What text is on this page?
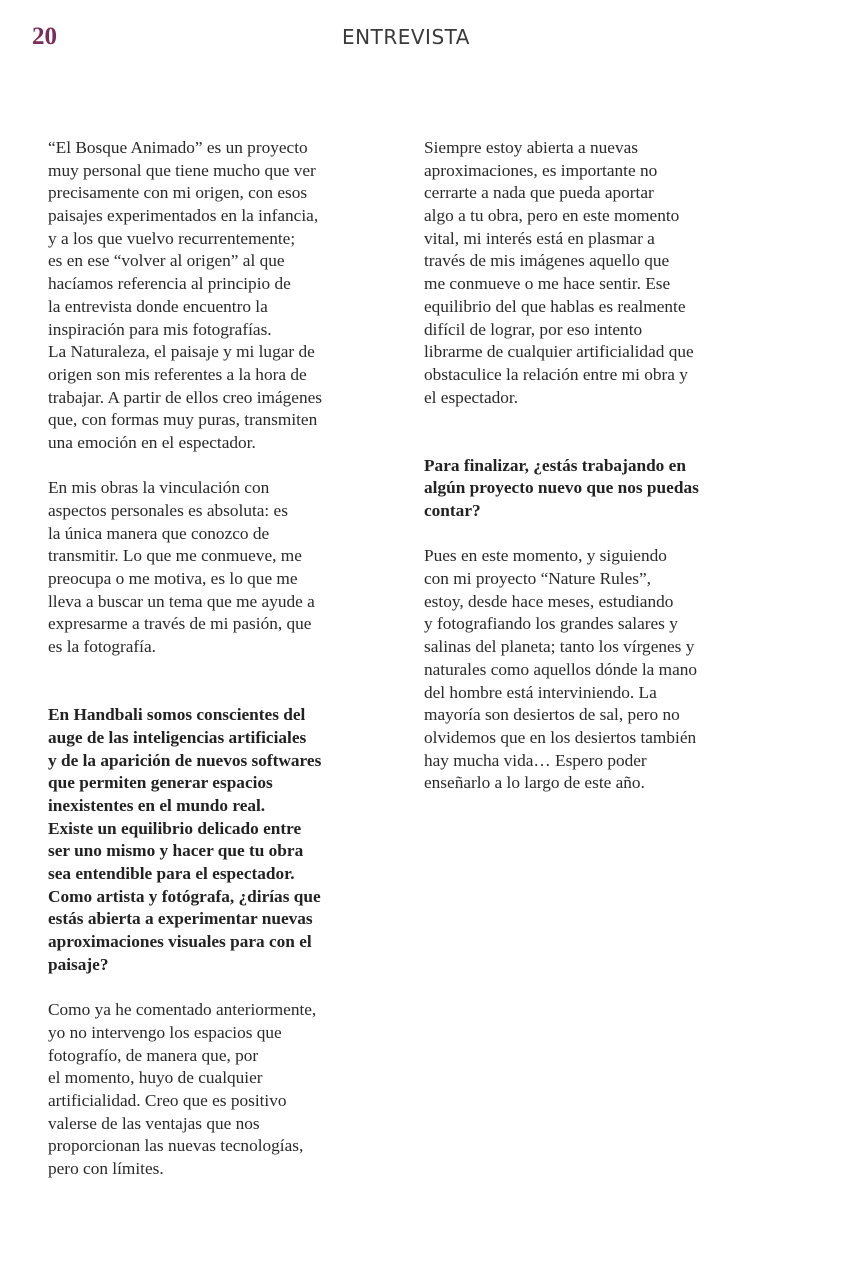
20	ENTREVISTA
“El Bosque Animado” es un proyecto
muy personal que tiene mucho que ver
precisamente con mi origen, con esos
paisajes experimentados en la infancia,
y a los que vuelvo recurrentemente;
es en ese “volver al origen” al que
hacíamos referencia al principio de
la entrevista donde encuentro la
inspiración para mis fotografías.
La Naturaleza, el paisaje y mi lugar de
origen son mis referentes a la hora de
trabajar. A partir de ellos creo imágenes
que, con formas muy puras, transmiten
una emoción en el espectador.
En mis obras la vinculación con
aspectos personales es absoluta: es
la única manera que conozco de
transmitir. Lo que me conmueve, me
preocupa o me motiva, es lo que me
lleva a buscar un tema que me ayude a
expresarme a través de mi pasión, que
es la fotografía.
En Handbali somos conscientes del
auge de las inteligencias artificiales
y de la aparición de nuevos softwares
que permiten generar espacios
inexistentes en el mundo real.
Existe un equilibrio delicado entre
ser uno mismo y hacer que tu obra
sea entendible para el espectador.
Como artista y fotógrafa, ¿dirías que
estás abierta a experimentar nuevas
aproximaciones visuales para con el
paisaje?
Como ya he comentado anteriormente,
yo no intervengo los espacios que
fotografío, de manera que, por
el momento, huyo de cualquier
artificialidad. Creo que es positivo
valerse de las ventajas que nos
proporcionan las nuevas tecnologías,
pero con límites.
Siempre estoy abierta a nuevas
aproximaciones, es importante no
cerrarte a nada que pueda aportar
algo a tu obra, pero en este momento
vital, mi interés está en plasmar a
través de mis imágenes aquello que
me conmueve o me hace sentir. Ese
equilibrio del que hablas es realmente
difícil de lograr, por eso intento
librarme de cualquier artificialidad que
obstaculice la relación entre mi obra y
el espectador.
Para finalizar, ¿estás trabajando en
algún proyecto nuevo que nos puedas
contar?
Pues en este momento, y siguiendo
con mi proyecto “Nature Rules”,
estoy, desde hace meses, estudiando
y fotografiando los grandes salares y
salinas del planeta; tanto los vírgenes y
naturales como aquellos dónde la mano
del hombre está interviniendo. La
mayoría son desiertos de sal, pero no
olvidemos que en los desiertos también
hay mucha vida… Espero poder
enseñarlo a lo largo de este año.
